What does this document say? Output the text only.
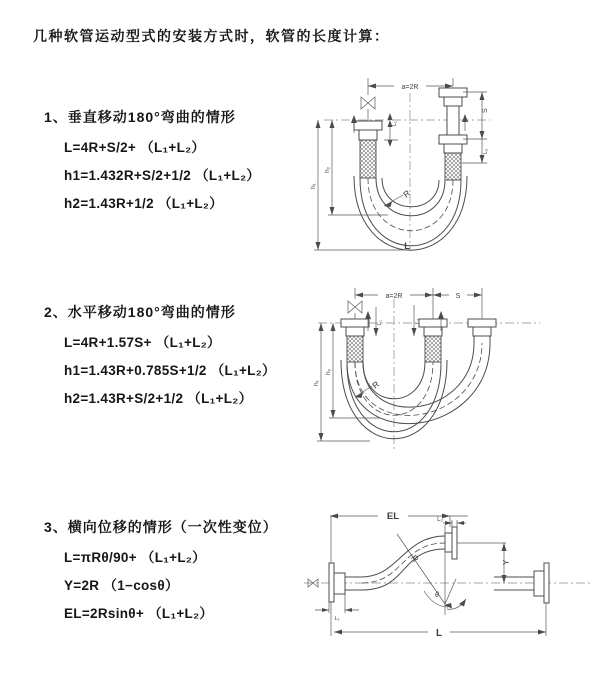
几种软管运动型式的安装方式时，软管的长度计算：
1、垂直移动180°弯曲的情形
L=4R+S/2+ （L₁+L₂）
h1=1.432R+S/2+1/2 （L₁+L₂）
h2=1.43R+1/2 （L₁+L₂）
a=2R
h₁
h₂
L₁
S
L₂
R
L
2、水平移动180°弯曲的情形
L=4R+1.57S+ （L₁+L₂）
h1=1.43R+0.785S+1/2 （L₁+L₂）
h2=1.43R+S/2+1/2 （L₁+L₂）
a=2R	S
h₁
h₂
L₁	L₂
R
3、横向位移的情形（一次性变位）
L=πRθ/90+ （L₁+L₂）
Y=2R （1−cosθ）
EL=2Rsinθ+ （L₁+L₂）
θ
R
EL	L₂
Y
L
L₁
